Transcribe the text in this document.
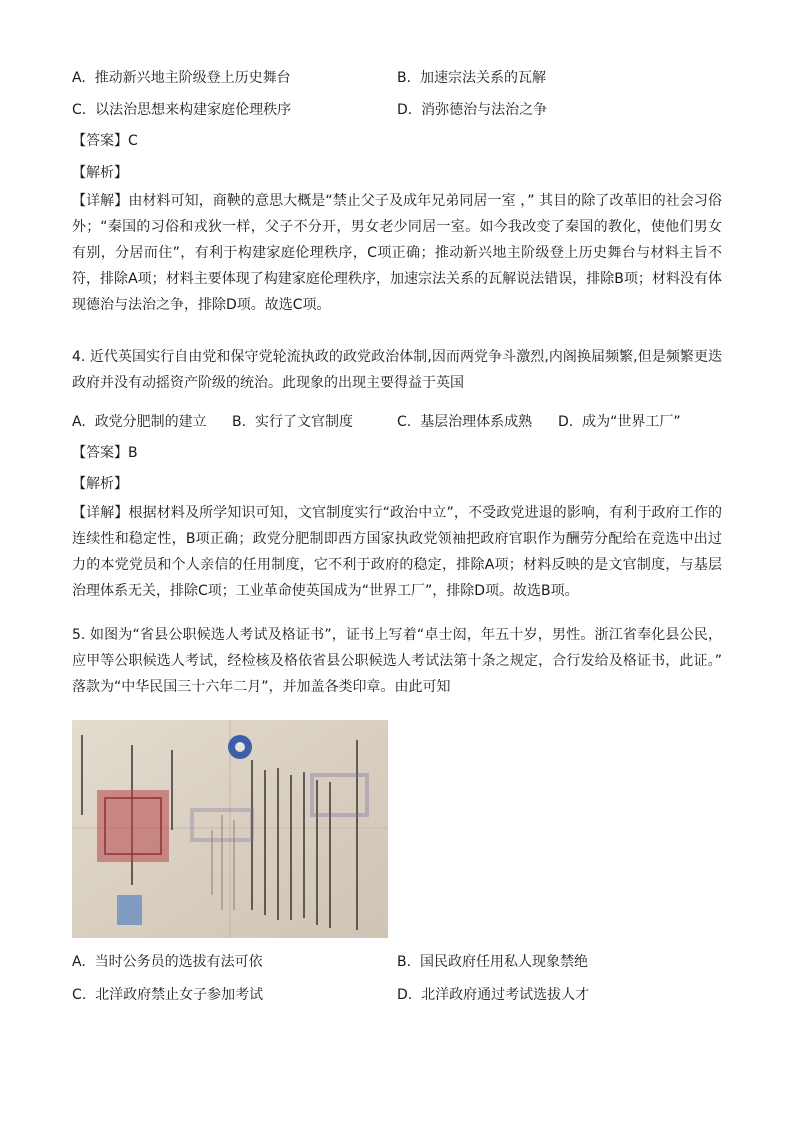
A. 推动新兴地主阶级登上历史舞台	B. 加速宗法关系的瓦解
C. 以法治思想来构建家庭伦理秩序	D. 消弥德治与法治之争
【答案】C
【解析】
【详解】由材料可知，商鞅的意思大概是“禁止父子及成年兄弟同居一室 ，” 其目的除了改革旧的社会习俗外；“秦国的习俗和戎狄一样，父子不分开，男女老少同居一室。如今我改变了秦国的教化，使他们男女有别，分居而住”，有利于构建家庭伦理秩序，C项正确；推动新兴地主阶级登上历史舞台与材料主旨不符，排除A项；材料主要体现了构建家庭伦理秩序，加速宗法关系的瓦解说法错误，排除B项；材料没有体现德治与法治之争，排除D项。故选C项。
4. 近代英国实行自由党和保守党轮流执政的政党政治体制,因而两党争斗激烈,内阁换届频繁,但是频繁更迭政府并没有动摇资产阶级的统治。此现象的出现主要得益于英国
A. 政党分肥制的建立 B. 实行了文官制度	C. 基层治理体系成熟 D. 成为“世界工厂”
【答案】B
【解析】
【详解】根据材料及所学知识可知，文官制度实行“政治中立”，不受政党进退的影响，有利于政府工作的连续性和稳定性，B项正确；政党分肥制即西方国家执政党领袖把政府官职作为酬劳分配给在竞选中出过力的本党党员和个人亲信的任用制度，它不利于政府的稳定，排除A项；材料反映的是文官制度，与基层治理体系无关，排除C项；工业革命使英国成为“世界工厂”，排除D项。故选B项。
5. 如图为“省县公职候选人考试及格证书”，证书上写着“卓士闳，年五十岁，男性。浙江省奉化县公民，应甲等公职候选人考试，经检核及格依省县公职候选人考试法第十条之规定，合行发给及格证书，此证。” 落款为“中华民国三十六年二月”，并加盖各类印章。由此可知
A. 当时公务员的选拔有法可依	B. 国民政府任用私人现象禁绝
C. 北洋政府禁止女子参加考试	D. 北洋政府通过考试选拔人才
